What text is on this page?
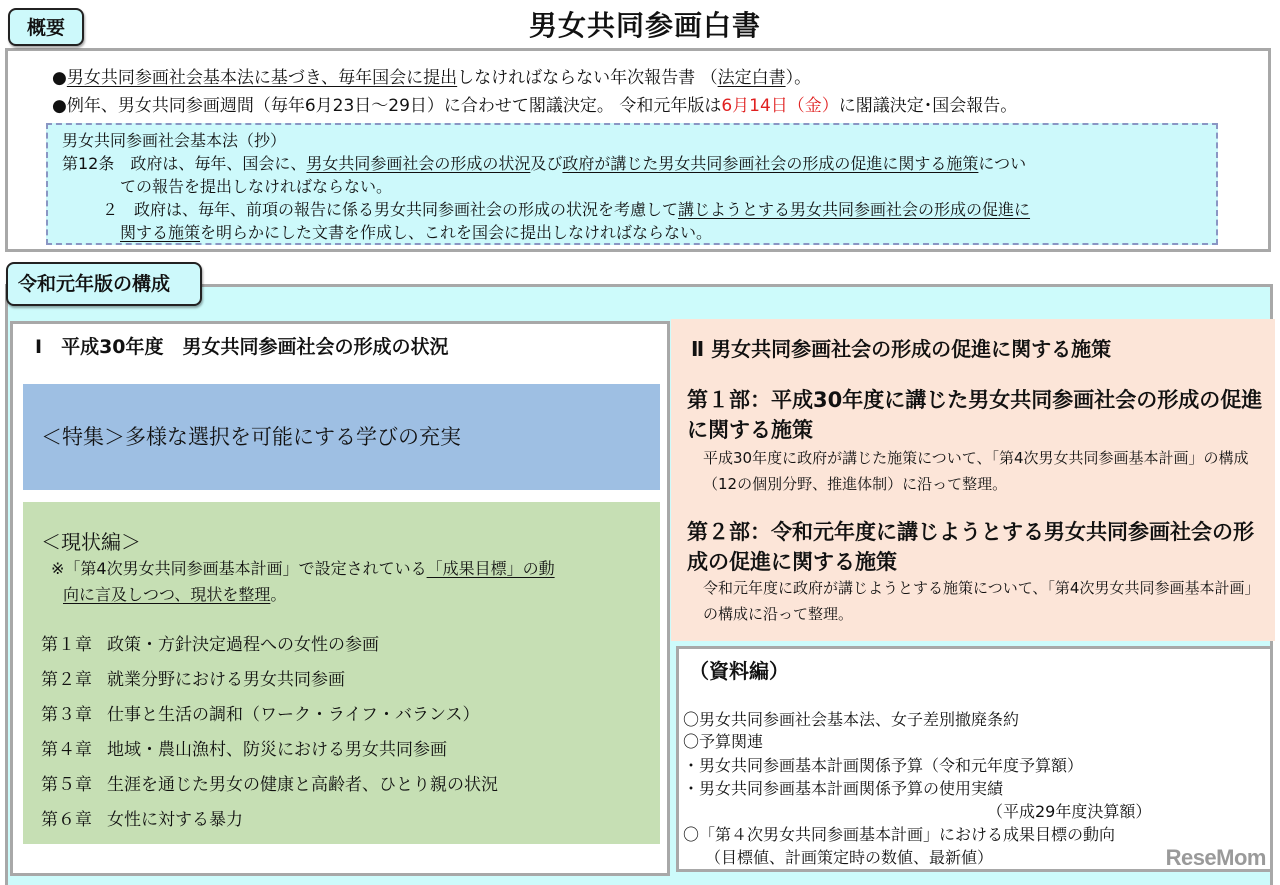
概要	男女共同参画白書
●男女共同参画社会基本法に基づき、毎年国会に提出しなければならない年次報告書 （法定白書）。
●例年、男女共同参画週間（毎年6月23日～29日）に合わせて閣議決定。 令和元年版は6月14日（金）に閣議決定･国会報告。
男女共同参画社会基本法（抄）
第12条　政府は、毎年、国会に、男女共同参画社会の形成の状況及び政府が講じた男女共同参画社会の形成の促進に関する施策につい
ての報告を提出しなければならない。
２　政府は、毎年、前項の報告に係る男女共同参画社会の形成の状況を考慮して講じようとする男女共同参画社会の形成の促進に
関する施策を明らかにした文書を作成し、これを国会に提出しなければならない。
令和元年版の構成
Ⅰ　平成30年度　男女共同参画社会の形成の状況
＜特集＞多様な選択を可能にする学びの充実
＜現状編＞
※「第4次男女共同参画基本計画」で設定されている「成果目標」の動
向に言及しつつ、現状を整理。
第１章 政策・方針決定過程への女性の参画
第２章 就業分野における男女共同参画
第３章 仕事と生活の調和（ワーク・ライフ・バランス）
第４章 地域・農山漁村、防災における男女共同参画
第５章 生涯を通じた男女の健康と高齢者、ひとり親の状況
第６章 女性に対する暴力
Ⅱ 男女共同参画社会の形成の促進に関する施策
第１部：平成30年度に講じた男女共同参画社会の形成の促進に関する施策
平成30年度に政府が講じた施策について、「第4次男女共同参画基本計画」の構成（12の個別分野、推進体制）に沿って整理。
第２部：令和元年度に講じようとする男女共同参画社会の形成の促進に関する施策
令和元年度に政府が講じようとする施策について、「第4次男女共同参画基本計画」の構成に沿って整理。
（資料編）
〇男女共同参画社会基本法、女子差別撤廃条約
〇予算関連
・男女共同参画基本計画関係予算（令和元年度予算額）
・男女共同参画基本計画関係予算の使用実績
（平成29年度決算額）
〇「第４次男女共同参画基本計画」における成果目標の動向
（目標値、計画策定時の数値、最新値）	ReseMom
